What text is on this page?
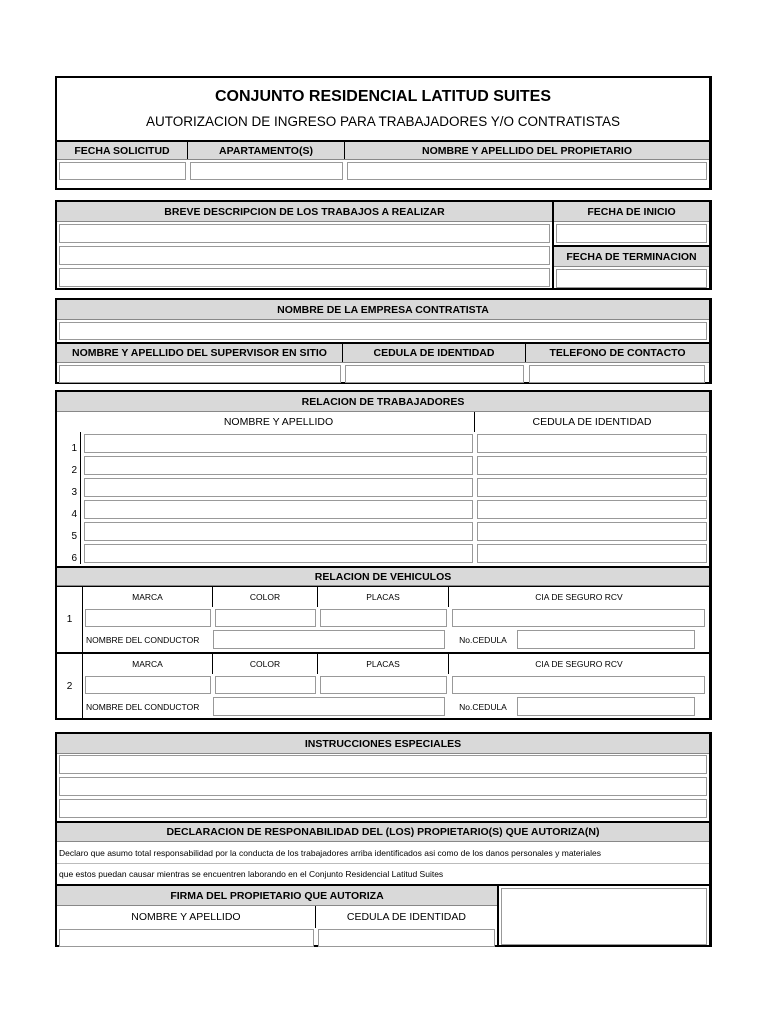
CONJUNTO RESIDENCIAL LATITUD SUITES
AUTORIZACION DE INGRESO PARA TRABAJADORES Y/O CONTRATISTAS
FECHA SOLICITUD	APARTAMENTO(S)	NOMBRE Y APELLIDO DEL PROPIETARIO
BREVE DESCRIPCION DE LOS TRABAJOS A REALIZAR	FECHA DE INICIO
FECHA DE TERMINACION
NOMBRE DE LA EMPRESA CONTRATISTA
NOMBRE Y APELLIDO DEL SUPERVISOR EN SITIO	CEDULA DE IDENTIDAD	TELEFONO DE CONTACTO
RELACION DE TRABAJADORES
NOMBRE Y APELLIDO	CEDULA DE IDENTIDAD
1
2
3
4
5
6
RELACION DE VEHICULOS
1
MARCA	COLOR	PLACAS	CIA DE SEGURO RCV
NOMBRE DEL CONDUCTOR	No.CEDULA
2
MARCA	COLOR	PLACAS	CIA DE SEGURO RCV
NOMBRE DEL CONDUCTOR	No.CEDULA
INSTRUCCIONES ESPECIALES
DECLARACION DE RESPONABILIDAD DEL (LOS) PROPIETARIO(S) QUE AUTORIZA(N)
Declaro que asumo total responsabilidad por la conducta de los trabajadores arriba identificados asi como de los danos personales y materiales
que estos puedan causar mientras se encuentren laborando en el Conjunto Residencial Latitud Suites
FIRMA DEL PROPIETARIO QUE AUTORIZA
NOMBRE Y APELLIDO	CEDULA DE IDENTIDAD
